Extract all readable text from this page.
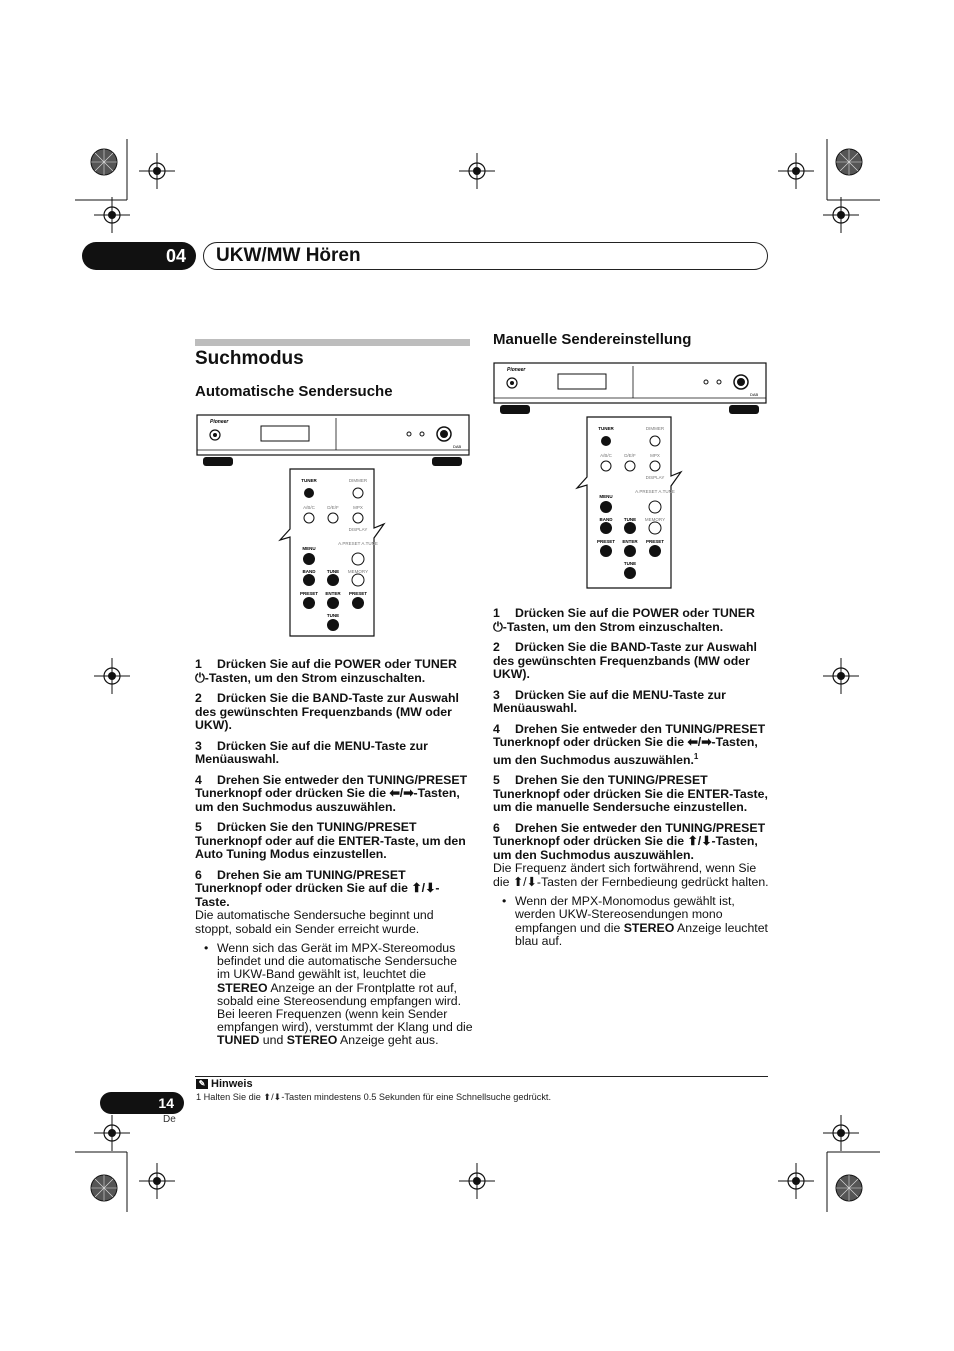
04	UKW/MW Hören
Suchmodus
Automatische Sendersuche
Pioneer
DAB
TUNER	DIMMER
A/B/C	D/E/F	MPX
DISPLAY
A.PRESET A.TUNE
MENU
BAND	TUNE MEMORY
PRESET ENTER PRESET
TUNE
1 Drücken Sie auf die POWER oder TUNER ⏻-Tasten, um den Strom einzuschalten.
2 Drücken Sie die BAND-Taste zur Auswahl des gewünschten Frequenzbands (MW oder UKW).
3 Drücken Sie auf die MENU-Taste zur Menüauswahl.
4 Drehen Sie entweder den TUNING/PRESET Tunerknopf oder drücken Sie die ⬅/➡-Tasten, um den Suchmodus auszuwählen.
5 Drücken Sie den TUNING/PRESET Tunerknopf oder auf die ENTER-Taste, um den Auto Tuning Modus einzustellen.
6 Drehen Sie am TUNING/PRESET Tunerknopf oder drücken Sie auf die ⬆/⬇-Taste.
Die automatische Sendersuche beginnt und stoppt, sobald ein Sender erreicht wurde.
• Wenn sich das Gerät im MPX-Stereomodus befindet und die automatische Sendersuche im UKW-Band gewählt ist, leuchtet die STEREO Anzeige an der Frontplatte rot auf, sobald eine Stereosendung empfangen wird. Bei leeren Frequenzen (wenn kein Sender empfangen wird), verstummt der Klang und die TUNED und STEREO Anzeige geht aus.
Manuelle Sendereinstellung
Pioneer
DAB
TUNER	DIMMER
A/B/C	D/E/F	MPX
DISPLAY
A.PRESET A.TUNE
MENU
BAND	TUNE MEMORY
PRESET ENTER PRESET
TUNE
1 Drücken Sie auf die POWER oder TUNER ⏻-Tasten, um den Strom einzuschalten.
2 Drücken Sie die BAND-Taste zur Auswahl des gewünschten Frequenzbands (MW oder UKW).
3 Drücken Sie auf die MENU-Taste zur Menüauswahl.
4 Drehen Sie entweder den TUNING/PRESET Tunerknopf oder drücken Sie die ⬅/➡-Tasten, um den Suchmodus auszuwählen.$^1$
5 Drehen Sie den TUNING/PRESET Tunerknopf oder drücken Sie die ENTER-Taste, um die manuelle Sendersuche einzustellen.
6 Drehen Sie entweder den TUNING/PRESET Tunerknopf oder drücken Sie die ⬆/⬇-Tasten, um den Suchmodus auszuwählen.
Die Frequenz ändert sich fortwährend, wenn Sie die ⬆/⬇-Tasten der Fernbedieung gedrückt halten.
• Wenn der MPX-Monomodus gewählt ist, werden UKW-Stereosendungen mono empfangen und die STEREO Anzeige leuchtet blau auf.
✎ Hinweis
1 Halten Sie die ⬆/⬇-Tasten mindestens 0.5 Sekunden für eine Schnellsuche gedrückt.
14
De
